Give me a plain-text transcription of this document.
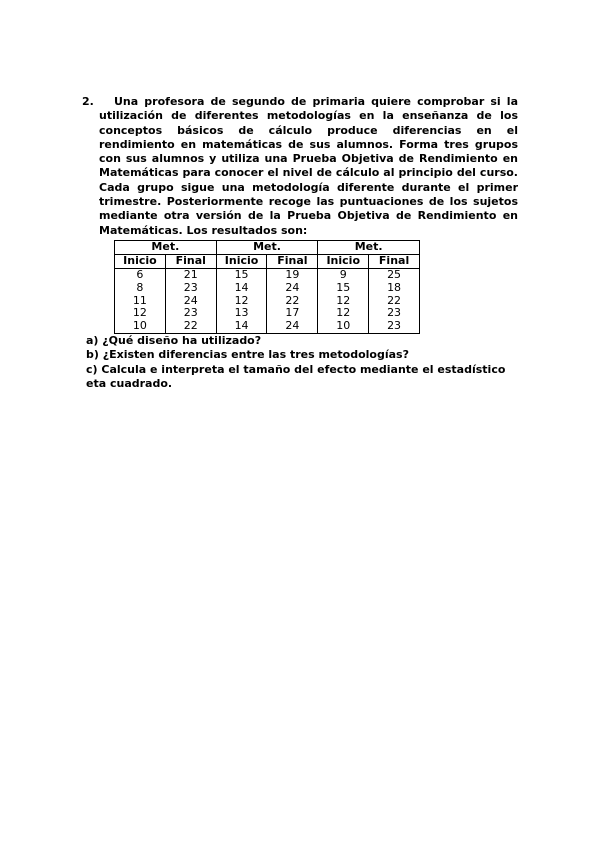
2. Una profesora de segundo de primaria quiere comprobar si la utilización de diferentes metodologías en la enseñanza de los conceptos básicos de cálculo produce diferencias en el rendimiento en matemáticas de sus alumnos. Forma tres grupos con sus alumnos y utiliza una Prueba Objetiva de Rendimiento en Matemáticas para conocer el nivel de cálculo al principio del curso. Cada grupo sigue una metodología diferente durante el primer trimestre. Posteriormente recoge las puntuaciones de los sujetos mediante otra versión de la Prueba Objetiva de Rendimiento en Matemáticas. Los resultados son:

Met.		Met.		Met.	
Inicio	Final	Inicio	Final	Inicio	Final
6	21	15	19	9	25
8	23	14	24	15	18
11	24	12	22	12	22
12	23	13	17	12	23
10	22	14	24	10	23

a) ¿Qué diseño ha utilizado?

b) ¿Existen diferencias entre las tres metodologías?

c) Calcula e interpreta el tamaño del efecto mediante el estadístico eta cuadrado.
